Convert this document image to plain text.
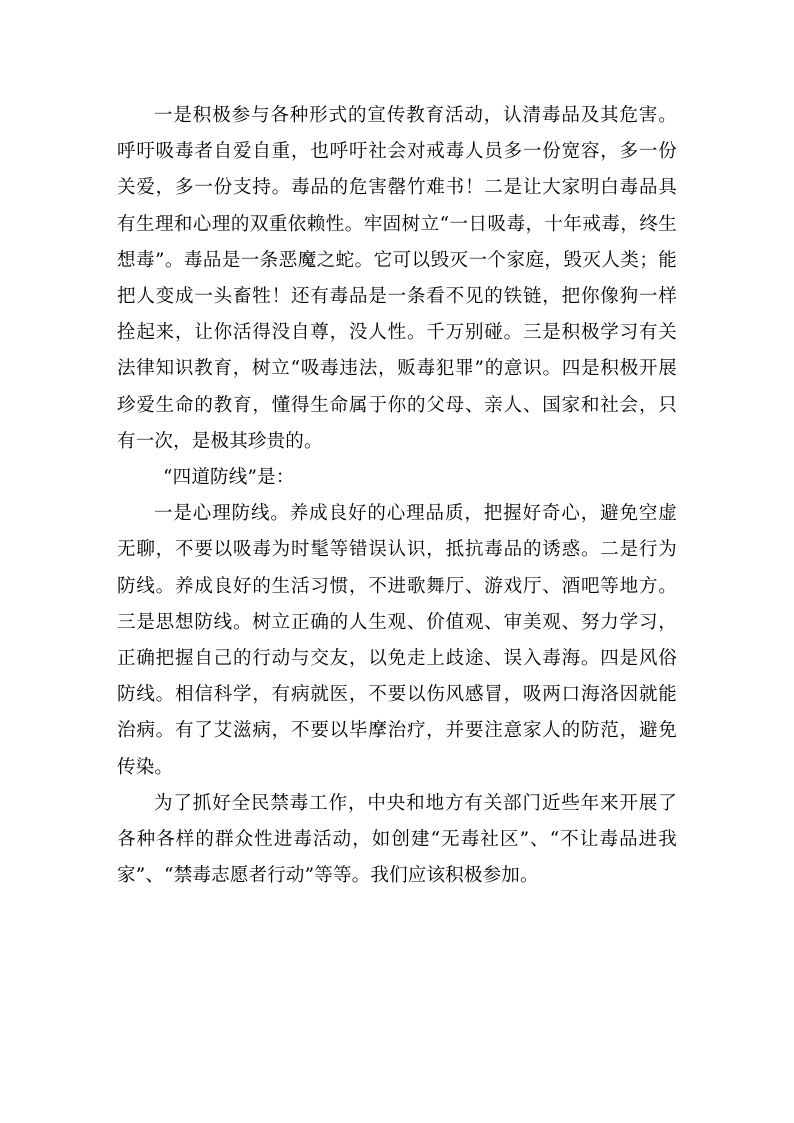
一是积极参与各种形式的宣传教育活动，认清毒品及其危害。呼吁吸毒者自爱自重，也呼吁社会对戒毒人员多一份宽容，多一份关爱，多一份支持。毒品的危害罄竹难书！二是让大家明白毒品具有生理和心理的双重依赖性。牢固树立“一日吸毒，十年戒毒，终生想毒”。毒品是一条恶魔之蛇。它可以毁灭一个家庭，毁灭人类；能把人变成一头畜牲！还有毒品是一条看不见的铁链，把你像狗一样拴起来，让你活得没自尊，没人性。千万别碰。三是积极学习有关法律知识教育，树立“吸毒违法，贩毒犯罪”的意识。四是积极开展珍爱生命的教育，懂得生命属于你的父母、亲人、国家和社会，只有一次，是极其珍贵的。

“四道防线”是：

一是心理防线。养成良好的心理品质，把握好奇心，避免空虚无聊，不要以吸毒为时髦等错误认识，抵抗毒品的诱惑。二是行为防线。养成良好的生活习惯，不进歌舞厅、游戏厅、酒吧等地方。三是思想防线。树立正确的人生观、价值观、审美观、努力学习，正确把握自己的行动与交友，以免走上歧途、误入毒海。四是风俗防线。相信科学，有病就医，不要以伤风感冒，吸两口海洛因就能治病。有了艾滋病，不要以毕摩治疗，并要注意家人的防范，避免传染。

为了抓好全民禁毒工作，中央和地方有关部门近些年来开展了各种各样的群众性进毒活动，如创建“无毒社区”、“不让毒品进我家”、“禁毒志愿者行动”等等。我们应该积极参加。
